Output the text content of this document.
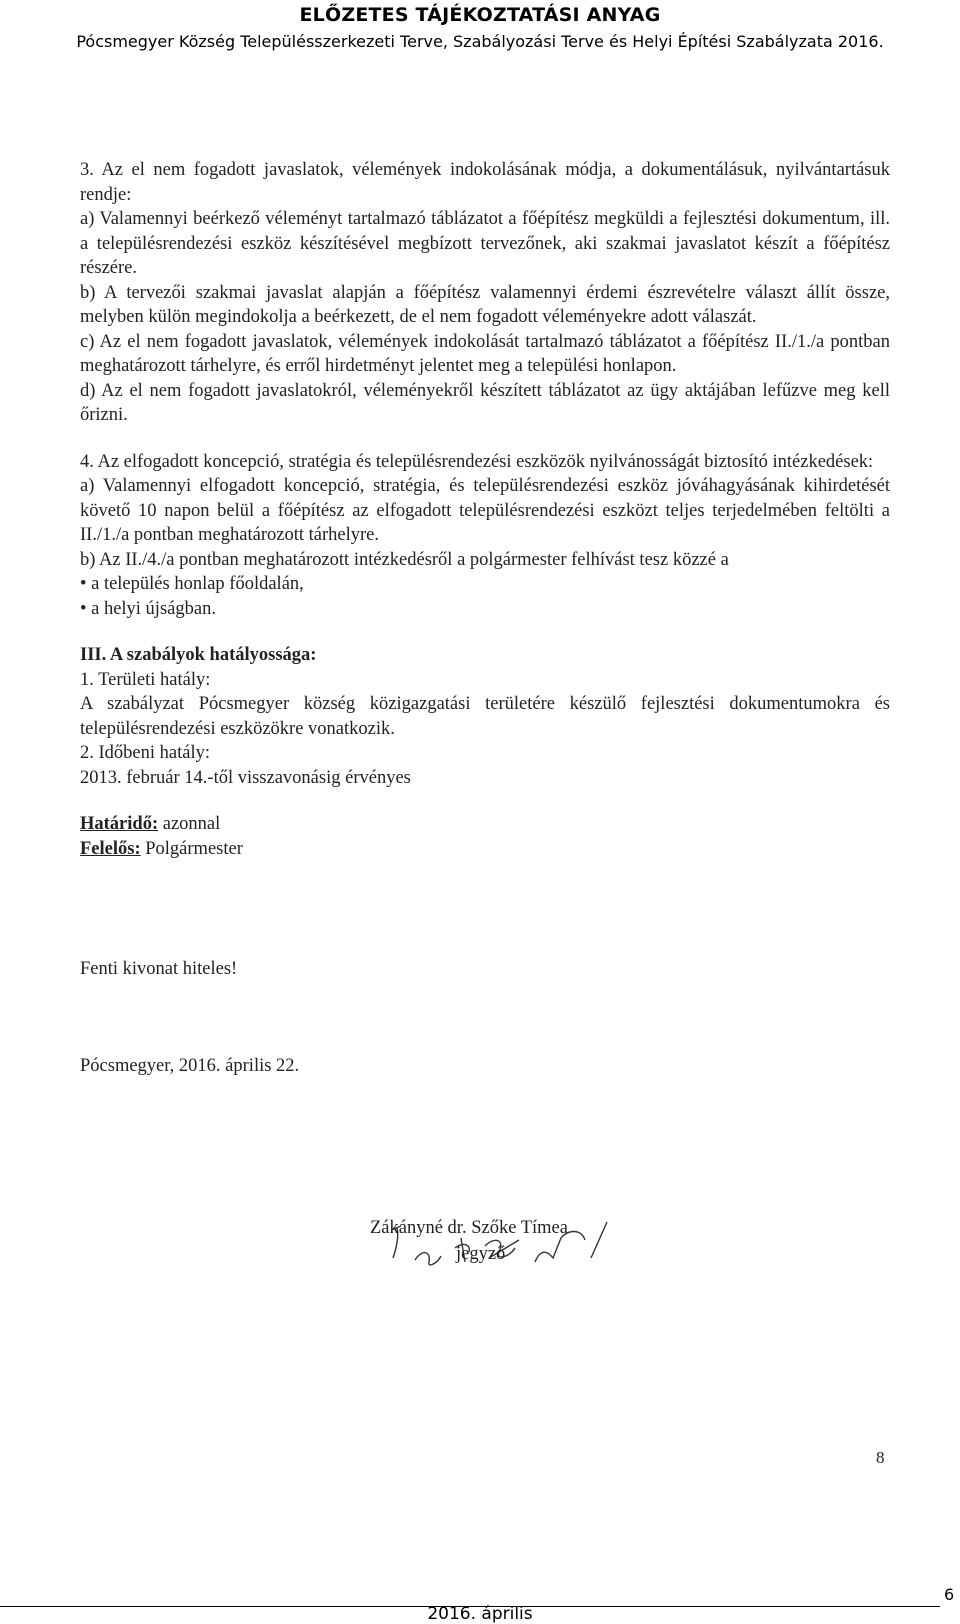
ELŐZETES TÁJÉKOZTATÁSI ANYAG
Pócsmegyer Község Településszerkezeti Terve, Szabályozási Terve és Helyi Építési Szabályzata 2016.

3. Az el nem fogadott javaslatok, vélemények indokolásának módja, a dokumentálásuk, nyilvántartásuk rendje:

a) Valamennyi beérkező véleményt tartalmazó táblázatot a főépítész megküldi a fejlesztési dokumentum, ill. a településrendezési eszköz készítésével megbízott tervezőnek, aki szakmai javaslatot készít a főépítész részére.

b) A tervezői szakmai javaslat alapján a főépítész valamennyi érdemi észrevételre választ állít össze, melyben külön megindokolja a beérkezett, de el nem fogadott véleményekre adott válaszát.

c) Az el nem fogadott javaslatok, vélemények indokolását tartalmazó táblázatot a főépítész II./1./a pontban meghatározott tárhelyre, és erről hirdetményt jelentet meg a települési honlapon.

d) Az el nem fogadott javaslatokról, véleményekről készített táblázatot az ügy aktájában lefűzve meg kell őrizni.

4. Az elfogadott koncepció, stratégia és településrendezési eszközök nyilvánosságát biztosító intézkedések:

a) Valamennyi elfogadott koncepció, stratégia, és településrendezési eszköz jóváhagyásának kihirdetését követő 10 napon belül a főépítész az elfogadott településrendezési eszközt teljes terjedelmében feltölti a II./1./a pontban meghatározott tárhelyre.

b) Az II./4./a pontban meghatározott intézkedésről a polgármester felhívást tesz közzé a

• a település honlap főoldalán,
• a helyi újságban.

III. A szabályok hatályossága:

1. Területi hatály:

A szabályzat Pócsmegyer község közigazgatási területére készülő fejlesztési dokumentumokra és településrendezési eszközökre vonatkozik.

2. Időbeni hatály:

2013. február 14.-től visszavonásig érvényes

Határidő: azonnal

Felelős: Polgármester

Fenti kivonat hiteles!

Pócsmegyer, 2016. április 22.

Zákányné dr. Szőke Tímea
jegyző
8
6
2016. április
